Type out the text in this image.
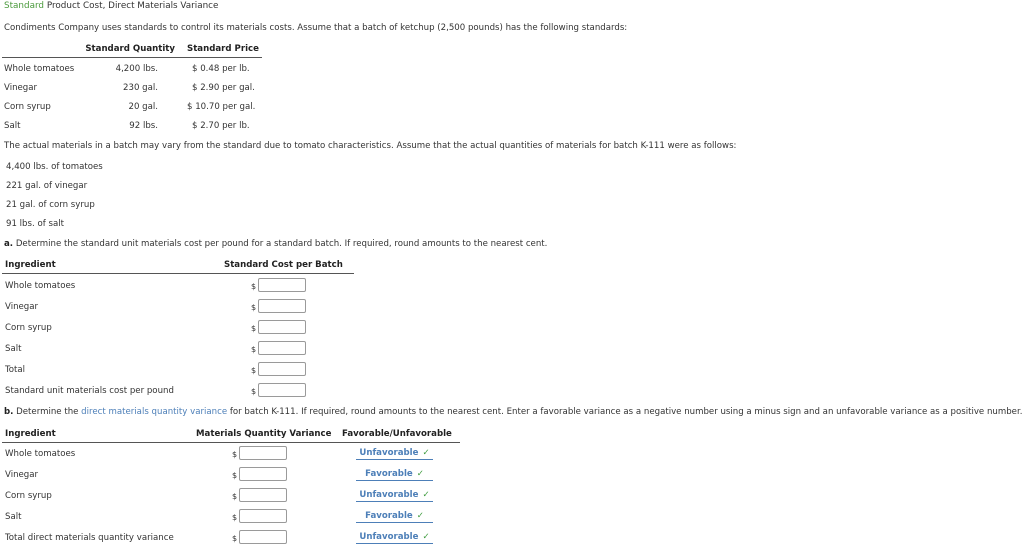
Standard Product Cost, Direct Materials Variance
Condiments Company uses standards to control its materials costs. Assume that a batch of ketchup (2,500 pounds) has the following standards:
Standard Quantity Standard Price
Whole tomatoes	4,200 lbs.	$ 0.48 per lb.
Vinegar	230 gal.	$ 2.90 per gal.
Corn syrup	20 gal.	$ 10.70 per gal.
Salt	92 lbs.	$ 2.70 per lb.
The actual materials in a batch may vary from the standard due to tomato characteristics. Assume that the actual quantities of materials for batch K-111 were as follows:
4,400 lbs. of tomatoes
221 gal. of vinegar
21 gal. of corn syrup
91 lbs. of salt
a. Determine the standard unit materials cost per pound for a standard batch. If required, round amounts to the nearest cent.
Ingredient	Standard Cost per Batch
Whole tomatoes	$
Vinegar	$
Corn syrup	$
Salt	$
Total	$
Standard unit materials cost per pound	$
b. Determine the direct materials quantity variance for batch K-111. If required, round amounts to the nearest cent. Enter a favorable variance as a negative number using a minus sign and an unfavorable variance as a positive number.
Ingredient	Materials Quantity Variance Favorable/Unfavorable
Whole tomatoes	$	Unfavorable ✓
Vinegar	$	Favorable ✓
Corn syrup	$	Unfavorable ✓
Salt	$	Favorable ✓
Total direct materials quantity variance	$	Unfavorable ✓
